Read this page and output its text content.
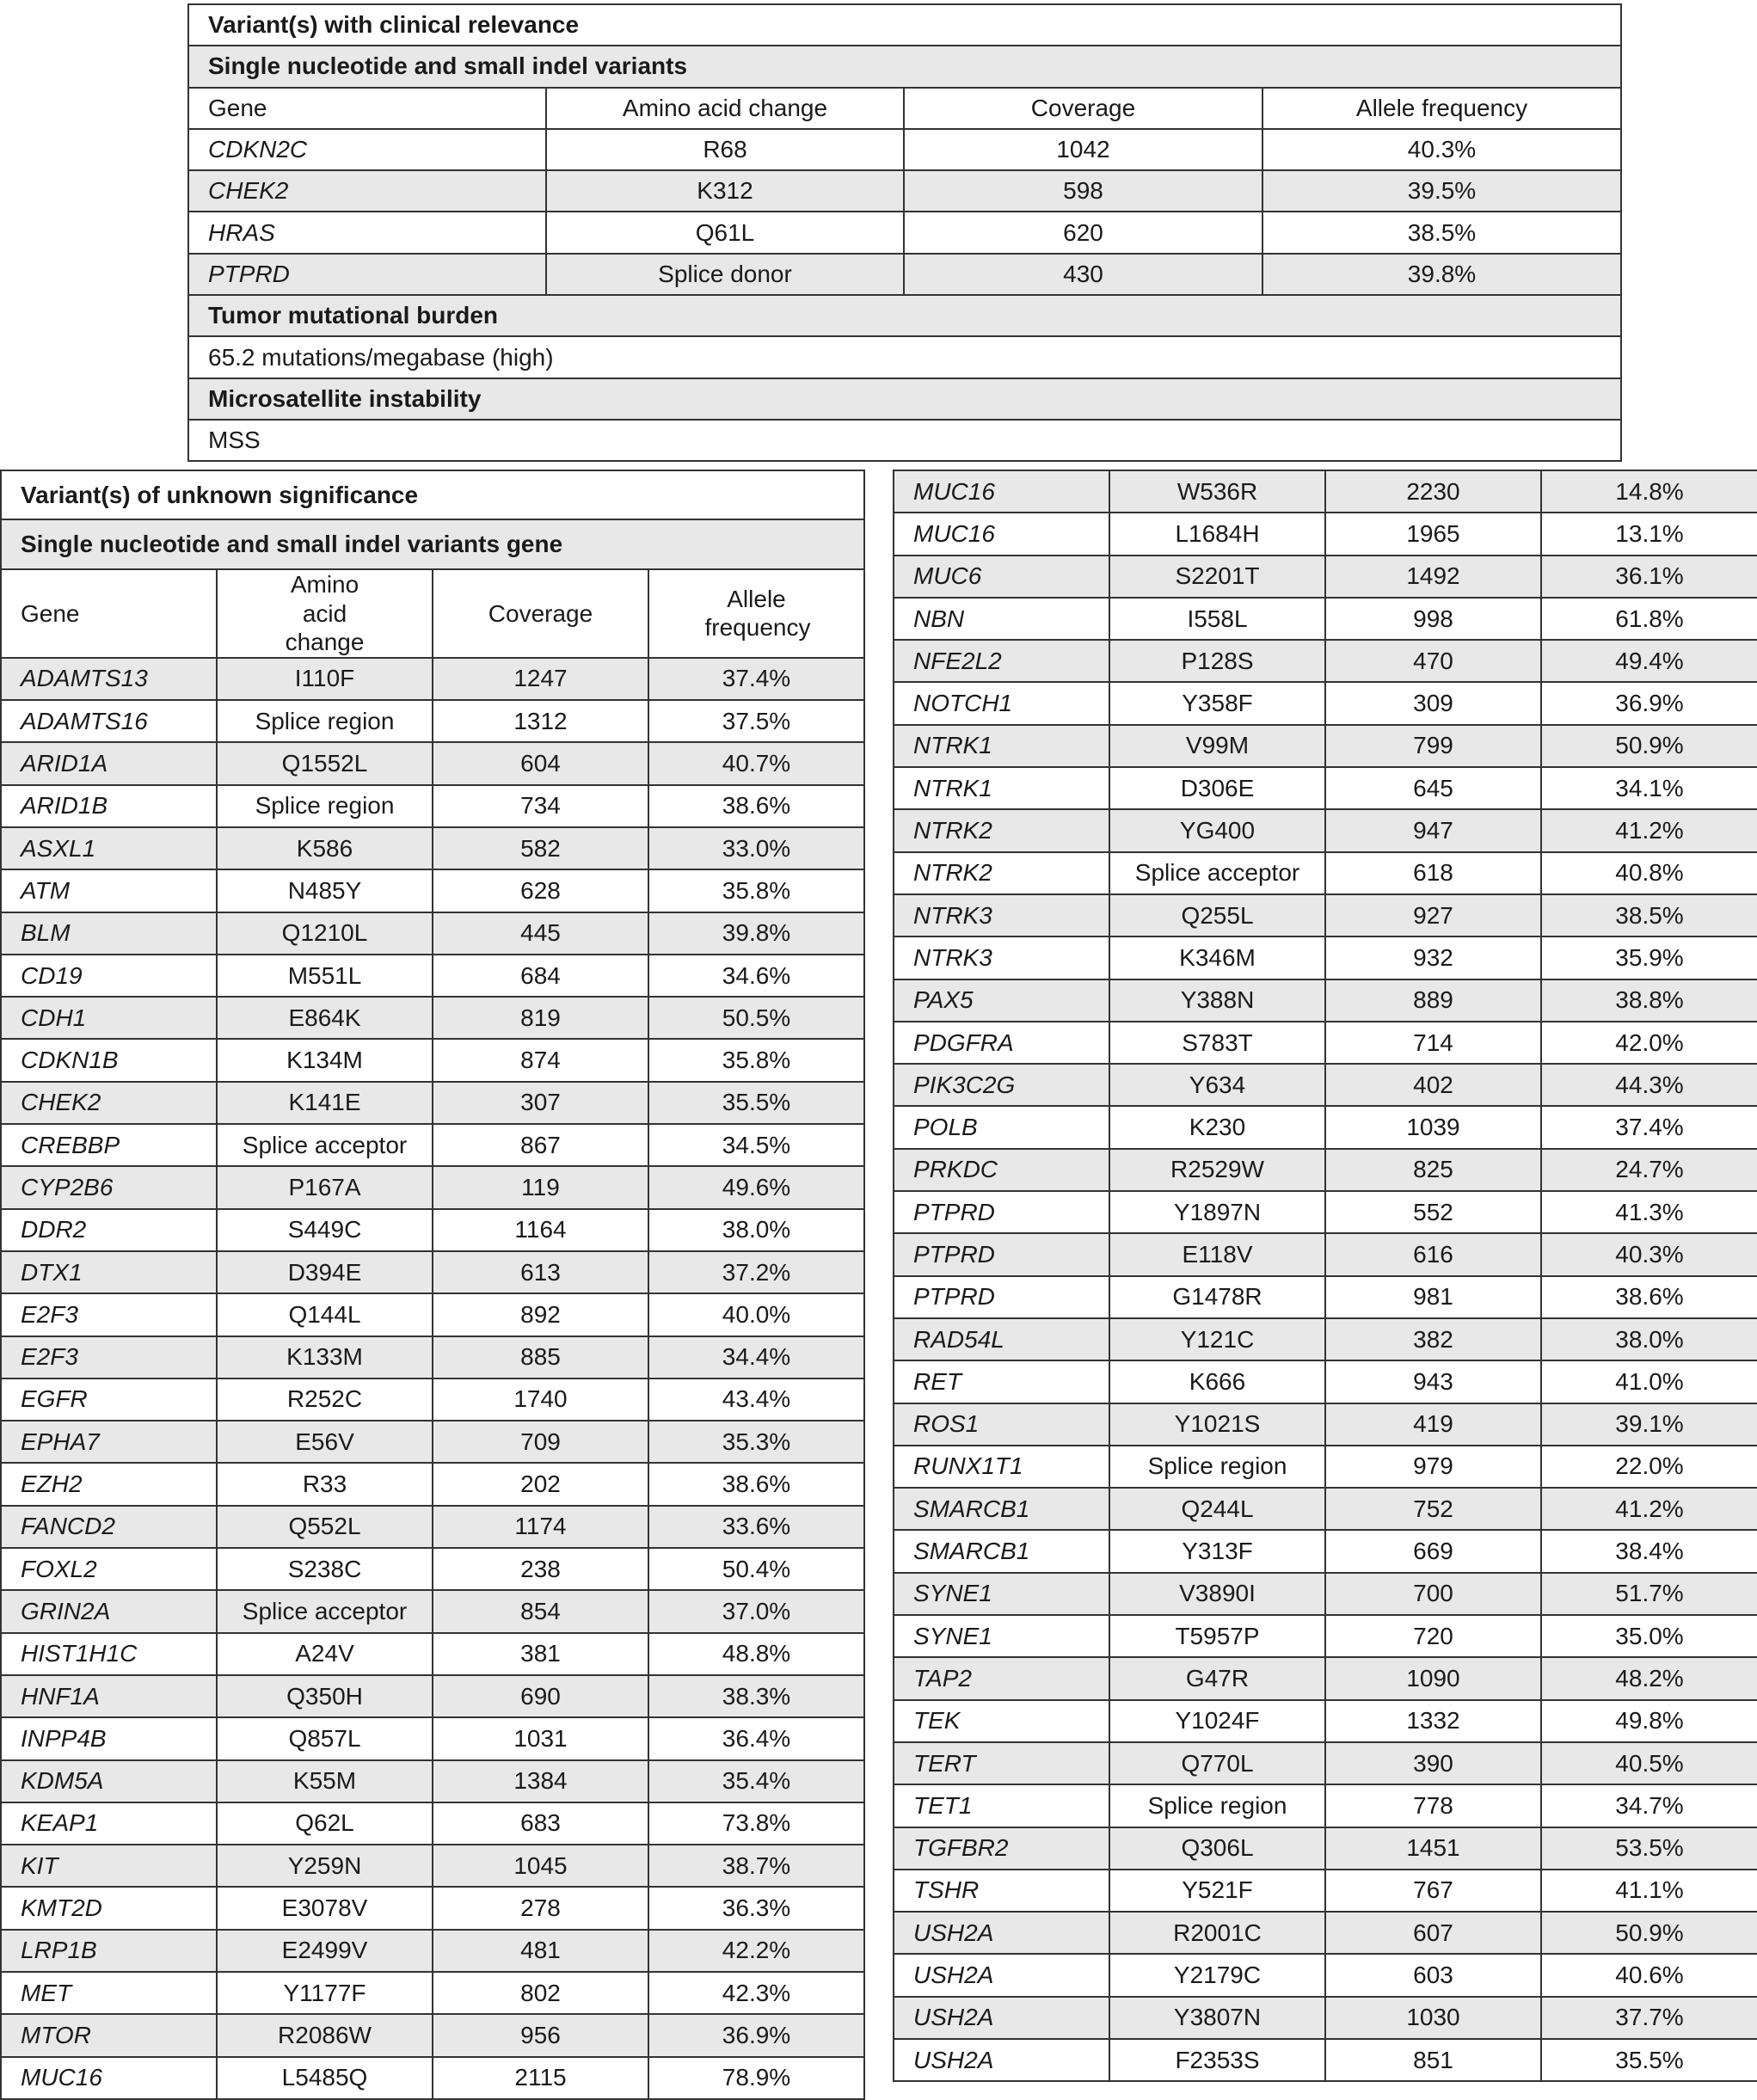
Variant(s) with clinical relevance			
Single nucleotide and small indel variants			
Gene	Amino acid change	Coverage	Allele frequency
CDKN2C	R68	1042	40.3%
CHEK2	K312	598	39.5%
HRAS	Q61L	620	38.5%
PTPRD	Splice donor	430	39.8%
Tumor mutational burden			
65.2 mutations/megabase (high)			
Microsatellite instability			
MSS			
Variant(s) of unknown significance			
Single nucleotide and small indel variants gene			
Gene	Amino acid change	Coverage	Allele frequency
ADAMTS13	I110F	1247	37.4%
ADAMTS16	Splice region	1312	37.5%
ARID1A	Q1552L	604	40.7%
ARID1B	Splice region	734	38.6%
ASXL1	K586	582	33.0%
ATM	N485Y	628	35.8%
BLM	Q1210L	445	39.8%
CD19	M551L	684	34.6%
CDH1	E864K	819	50.5%
CDKN1B	K134M	874	35.8%
CHEK2	K141E	307	35.5%
CREBBP	Splice acceptor	867	34.5%
CYP2B6	P167A	119	49.6%
DDR2	S449C	1164	38.0%
DTX1	D394E	613	37.2%
E2F3	Q144L	892	40.0%
E2F3	K133M	885	34.4%
EGFR	R252C	1740	43.4%
EPHA7	E56V	709	35.3%
EZH2	R33	202	38.6%
FANCD2	Q552L	1174	33.6%
FOXL2	S238C	238	50.4%
GRIN2A	Splice acceptor	854	37.0%
HIST1H1C	A24V	381	48.8%
HNF1A	Q350H	690	38.3%
INPP4B	Q857L	1031	36.4%
KDM5A	K55M	1384	35.4%
KEAP1	Q62L	683	73.8%
KIT	Y259N	1045	38.7%
KMT2D	E3078V	278	36.3%
LRP1B	E2499V	481	42.2%
MET	Y1177F	802	42.3%
MTOR	R2086W	956	36.9%
MUC16	L5485Q	2115	78.9%
MUC16	W536R	2230	14.8%
MUC16	L1684H	1965	13.1%
MUC6	S2201T	1492	36.1%
NBN	I558L	998	61.8%
NFE2L2	P128S	470	49.4%
NOTCH1	Y358F	309	36.9%
NTRK1	V99M	799	50.9%
NTRK1	D306E	645	34.1%
NTRK2	YG400	947	41.2%
NTRK2	Splice acceptor	618	40.8%
NTRK3	Q255L	927	38.5%
NTRK3	K346M	932	35.9%
PAX5	Y388N	889	38.8%
PDGFRA	S783T	714	42.0%
PIK3C2G	Y634	402	44.3%
POLB	K230	1039	37.4%
PRKDC	R2529W	825	24.7%
PTPRD	Y1897N	552	41.3%
PTPRD	E118V	616	40.3%
PTPRD	G1478R	981	38.6%
RAD54L	Y121C	382	38.0%
RET	K666	943	41.0%
ROS1	Y1021S	419	39.1%
RUNX1T1	Splice region	979	22.0%
SMARCB1	Q244L	752	41.2%
SMARCB1	Y313F	669	38.4%
SYNE1	V3890I	700	51.7%
SYNE1	T5957P	720	35.0%
TAP2	G47R	1090	48.2%
TEK	Y1024F	1332	49.8%
TERT	Q770L	390	40.5%
TET1	Splice region	778	34.7%
TGFBR2	Q306L	1451	53.5%
TSHR	Y521F	767	41.1%
USH2A	R2001C	607	50.9%
USH2A	Y2179C	603	40.6%
USH2A	Y3807N	1030	37.7%
USH2A	F2353S	851	35.5%
